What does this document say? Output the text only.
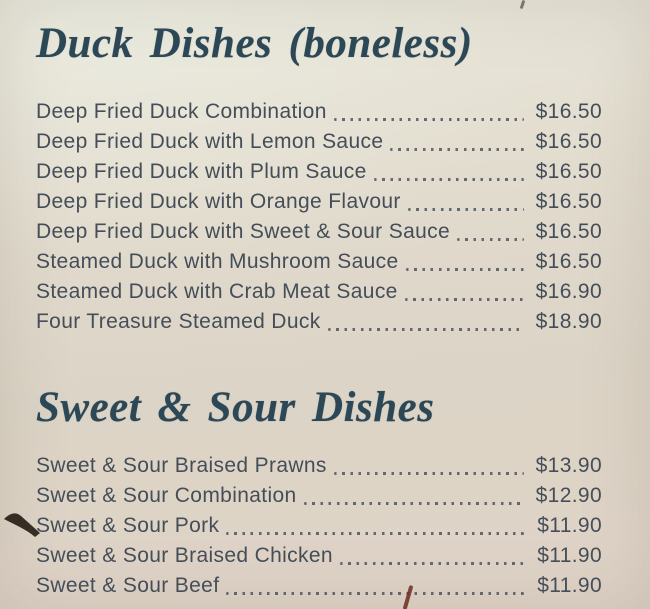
Duck Dishes (boneless)
Deep Fried Duck Combination	$16.50
Deep Fried Duck with Lemon Sauce	$16.50
Deep Fried Duck with Plum Sauce	$16.50
Deep Fried Duck with Orange Flavour	$16.50
Deep Fried Duck with Sweet & Sour Sauce	$16.50
Steamed Duck with Mushroom Sauce	$16.50
Steamed Duck with Crab Meat Sauce	$16.90
Four Treasure Steamed Duck	$18.90
Sweet & Sour Dishes
Sweet & Sour Braised Prawns	$13.90
Sweet & Sour Combination	$12.90
Sweet & Sour Pork	$11.90
Sweet & Sour Braised Chicken	$11.90
Sweet & Sour Beef	$11.90
